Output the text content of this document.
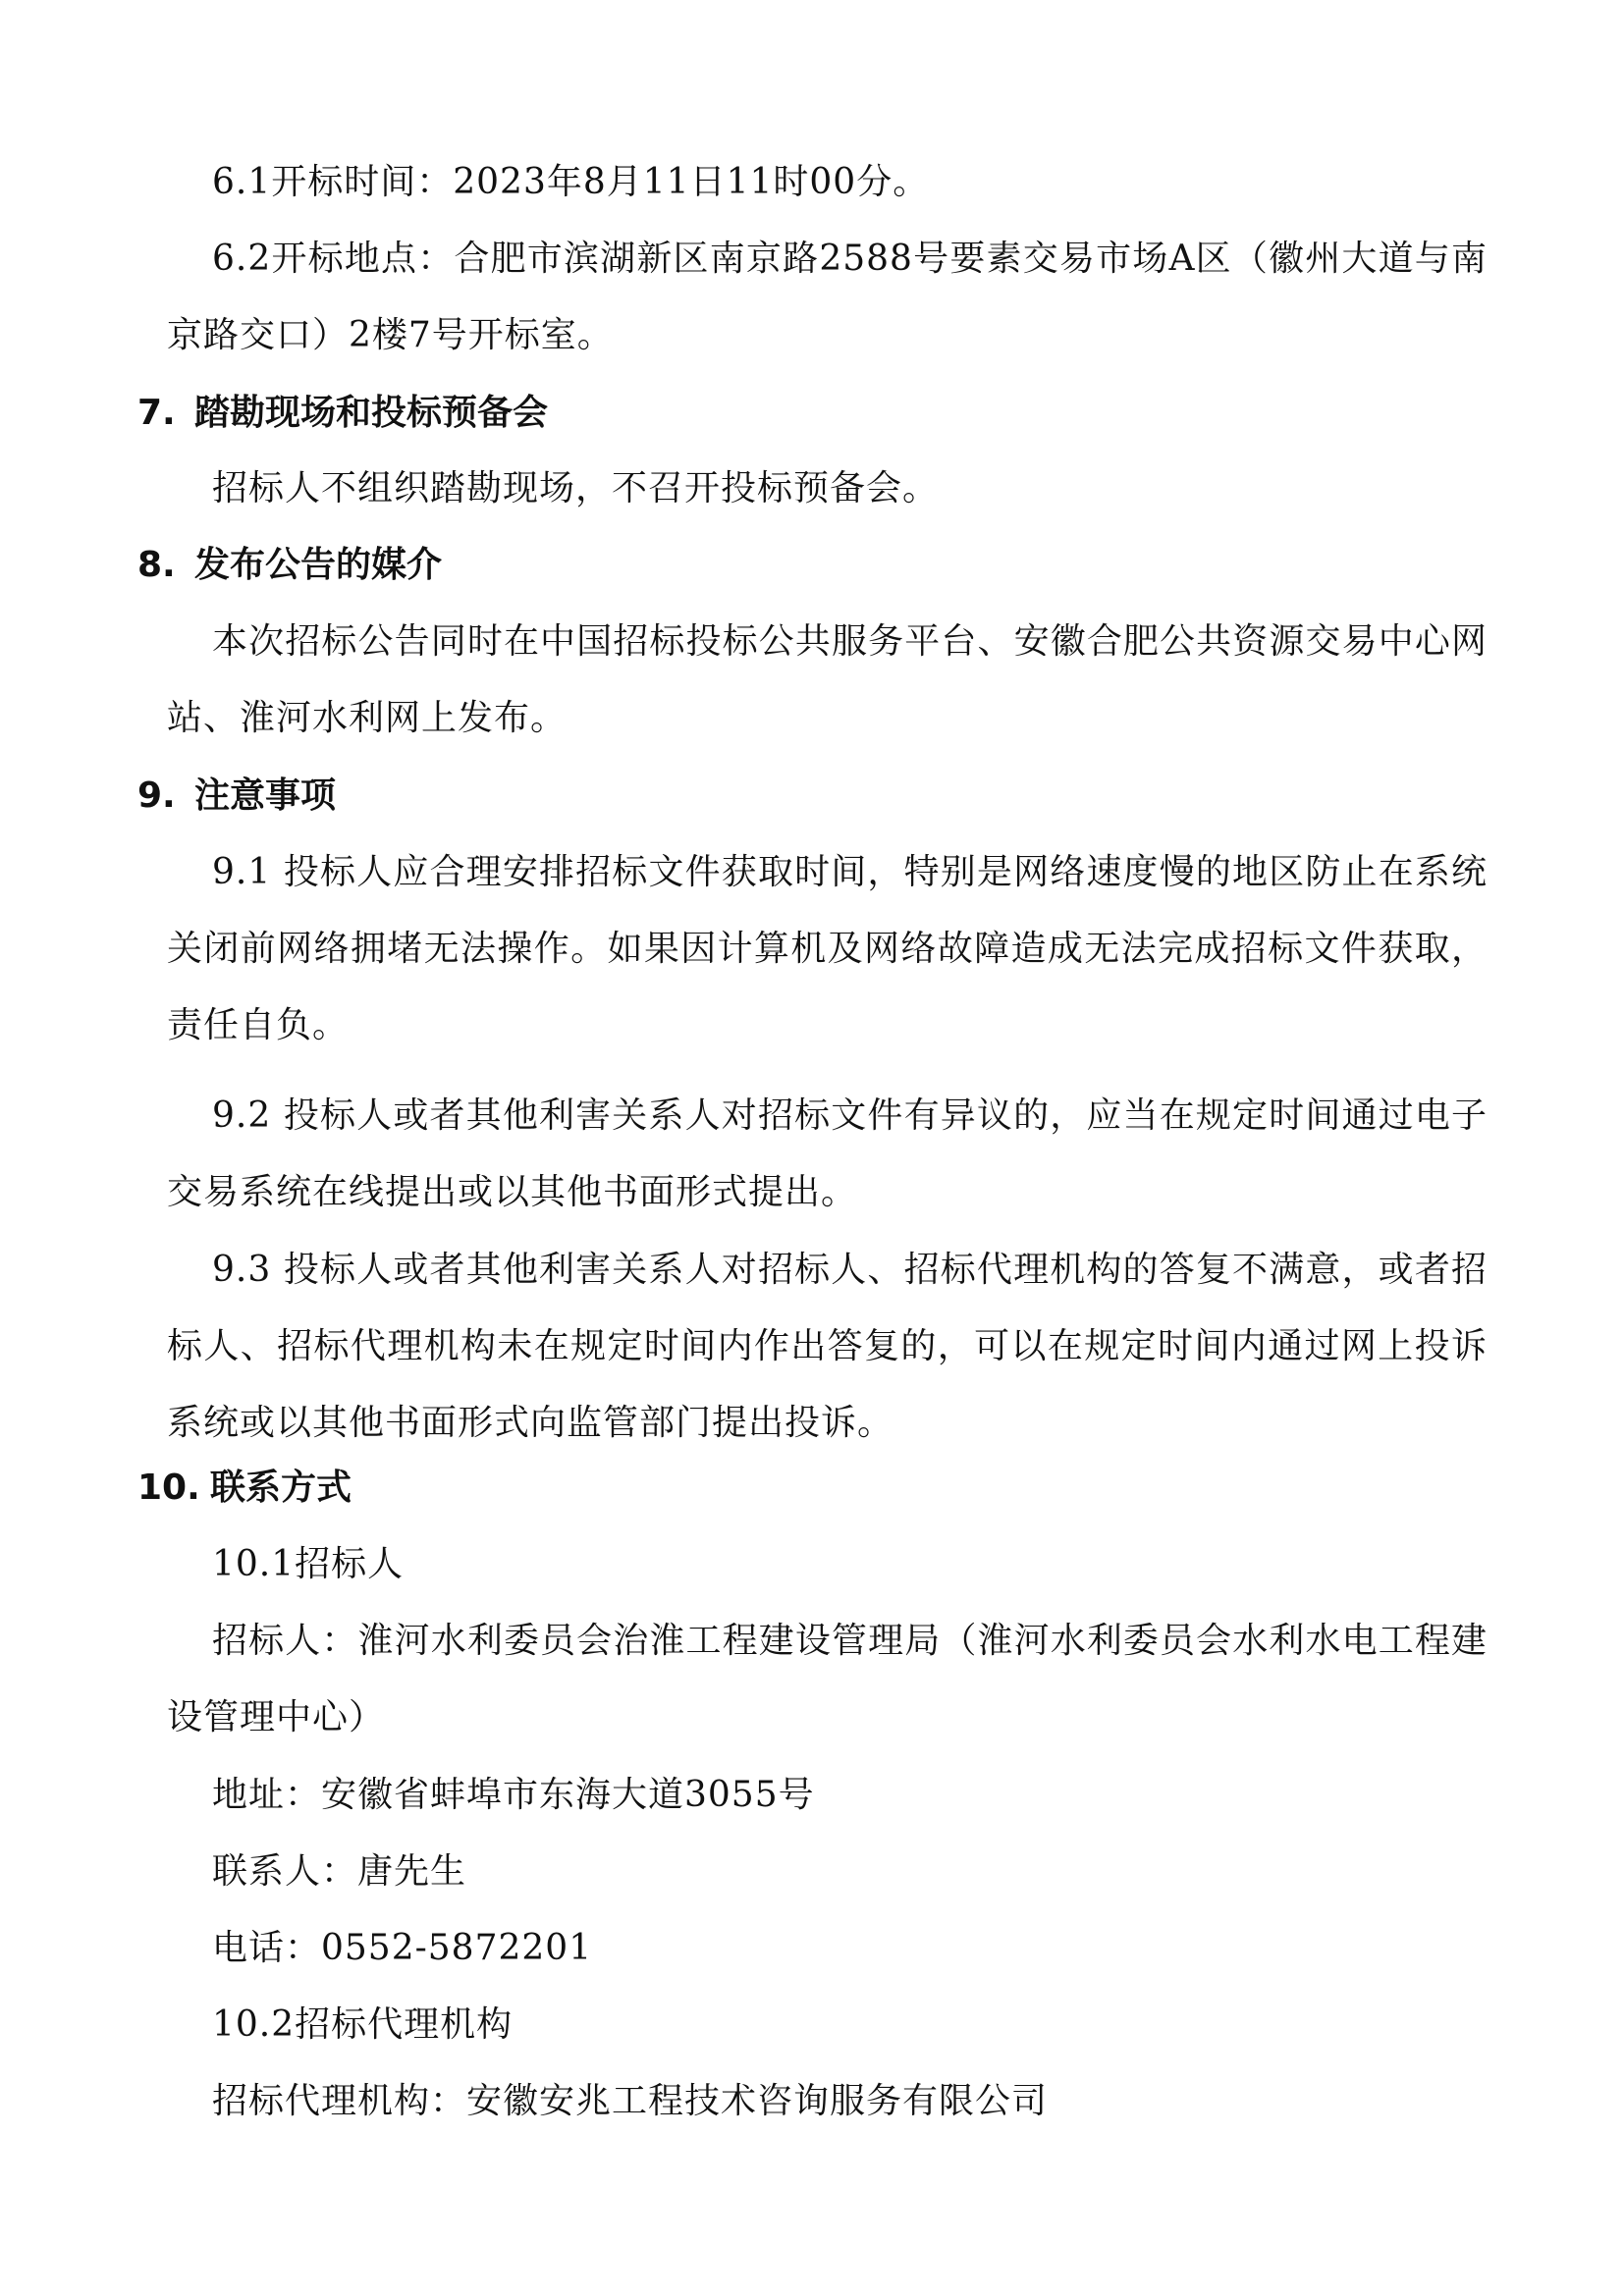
6.1开标时间：2023年8月11日11时00分。
6.2开标地点：合肥市滨湖新区南京路2588号要素交易市场A区（徽州大道与南京路交口）2楼7号开标室。
7. 踏勘现场和投标预备会
招标人不组织踏勘现场，不召开投标预备会。
8. 发布公告的媒介
本次招标公告同时在中国招标投标公共服务平台、安徽合肥公共资源交易中心网站、淮河水利网上发布。
9. 注意事项
9.1 投标人应合理安排招标文件获取时间，特别是网络速度慢的地区防止在系统关闭前网络拥堵无法操作。如果因计算机及网络故障造成无法完成招标文件获取，责任自负。
9.2 投标人或者其他利害关系人对招标文件有异议的，应当在规定时间通过电子交易系统在线提出或以其他书面形式提出。
9.3 投标人或者其他利害关系人对招标人、招标代理机构的答复不满意，或者招标人、招标代理机构未在规定时间内作出答复的，可以在规定时间内通过网上投诉系统或以其他书面形式向监管部门提出投诉。
10. 联系方式
10.1招标人
招标人：淮河水利委员会治淮工程建设管理局（淮河水利委员会水利水电工程建设管理中心）
地址：安徽省蚌埠市东海大道3055号
联系人：唐先生
电话：0552-5872201
10.2招标代理机构
招标代理机构：安徽安兆工程技术咨询服务有限公司
